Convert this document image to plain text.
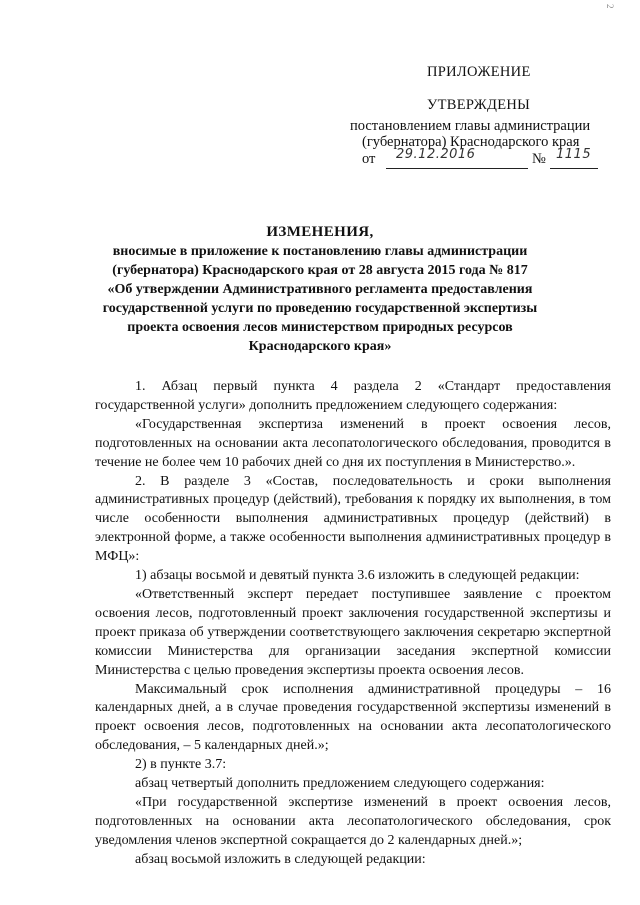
2
ПРИЛОЖЕНИЕ
УТВЕРЖДЕНЫ
постановлением главы администрации
(губернатора) Краснодарского края
от 29.12.2016	№ 1115
ИЗМЕНЕНИЯ,
вносимые в приложение к постановлению главы администрации
(губернатора) Краснодарского края от 28 августа 2015 года № 817
«Об утверждении Административного регламента предоставления
государственной услуги по проведению государственной экспертизы
проекта освоения лесов министерством природных ресурсов
Краснодарского края»

1. Абзац первый пункта 4 раздела 2 «Стандарт предоставления государственной услуги» дополнить предложением следующего содержания:

«Государственная экспертиза изменений в проект освоения лесов, подготовленных на основании акта лесопатологического обследования, проводится в течение не более чем 10 рабочих дней со дня их поступления в Министерство.».

2. В разделе 3 «Состав, последовательность и сроки выполнения административных процедур (действий), требования к порядку их выполнения, в том числе особенности выполнения административных процедур (действий) в электронной форме, а также особенности выполнения административных процедур в МФЦ»:

1) абзацы восьмой и девятый пункта 3.6 изложить в следующей редакции:

«Ответственный эксперт передает поступившее заявление с проектом освоения лесов, подготовленный проект заключения государственной экспертизы и проект приказа об утверждении соответствующего заключения секретарю экспертной комиссии Министерства для организации заседания экспертной комиссии Министерства с целью проведения экспертизы проекта освоения лесов.

Максимальный срок исполнения административной процедуры – 16 календарных дней, а в случае проведения государственной экспертизы изменений в проект освоения лесов, подготовленных на основании акта лесопатологического обследования, – 5 календарных дней.»;

2) в пункте 3.7:

абзац четвертый дополнить предложением следующего содержания:

«При государственной экспертизе изменений в проект освоения лесов, подготовленных на основании акта лесопатологического обследования, срок уведомления членов экспертной сокращается до 2 календарных дней.»;

абзац восьмой изложить в следующей редакции:
